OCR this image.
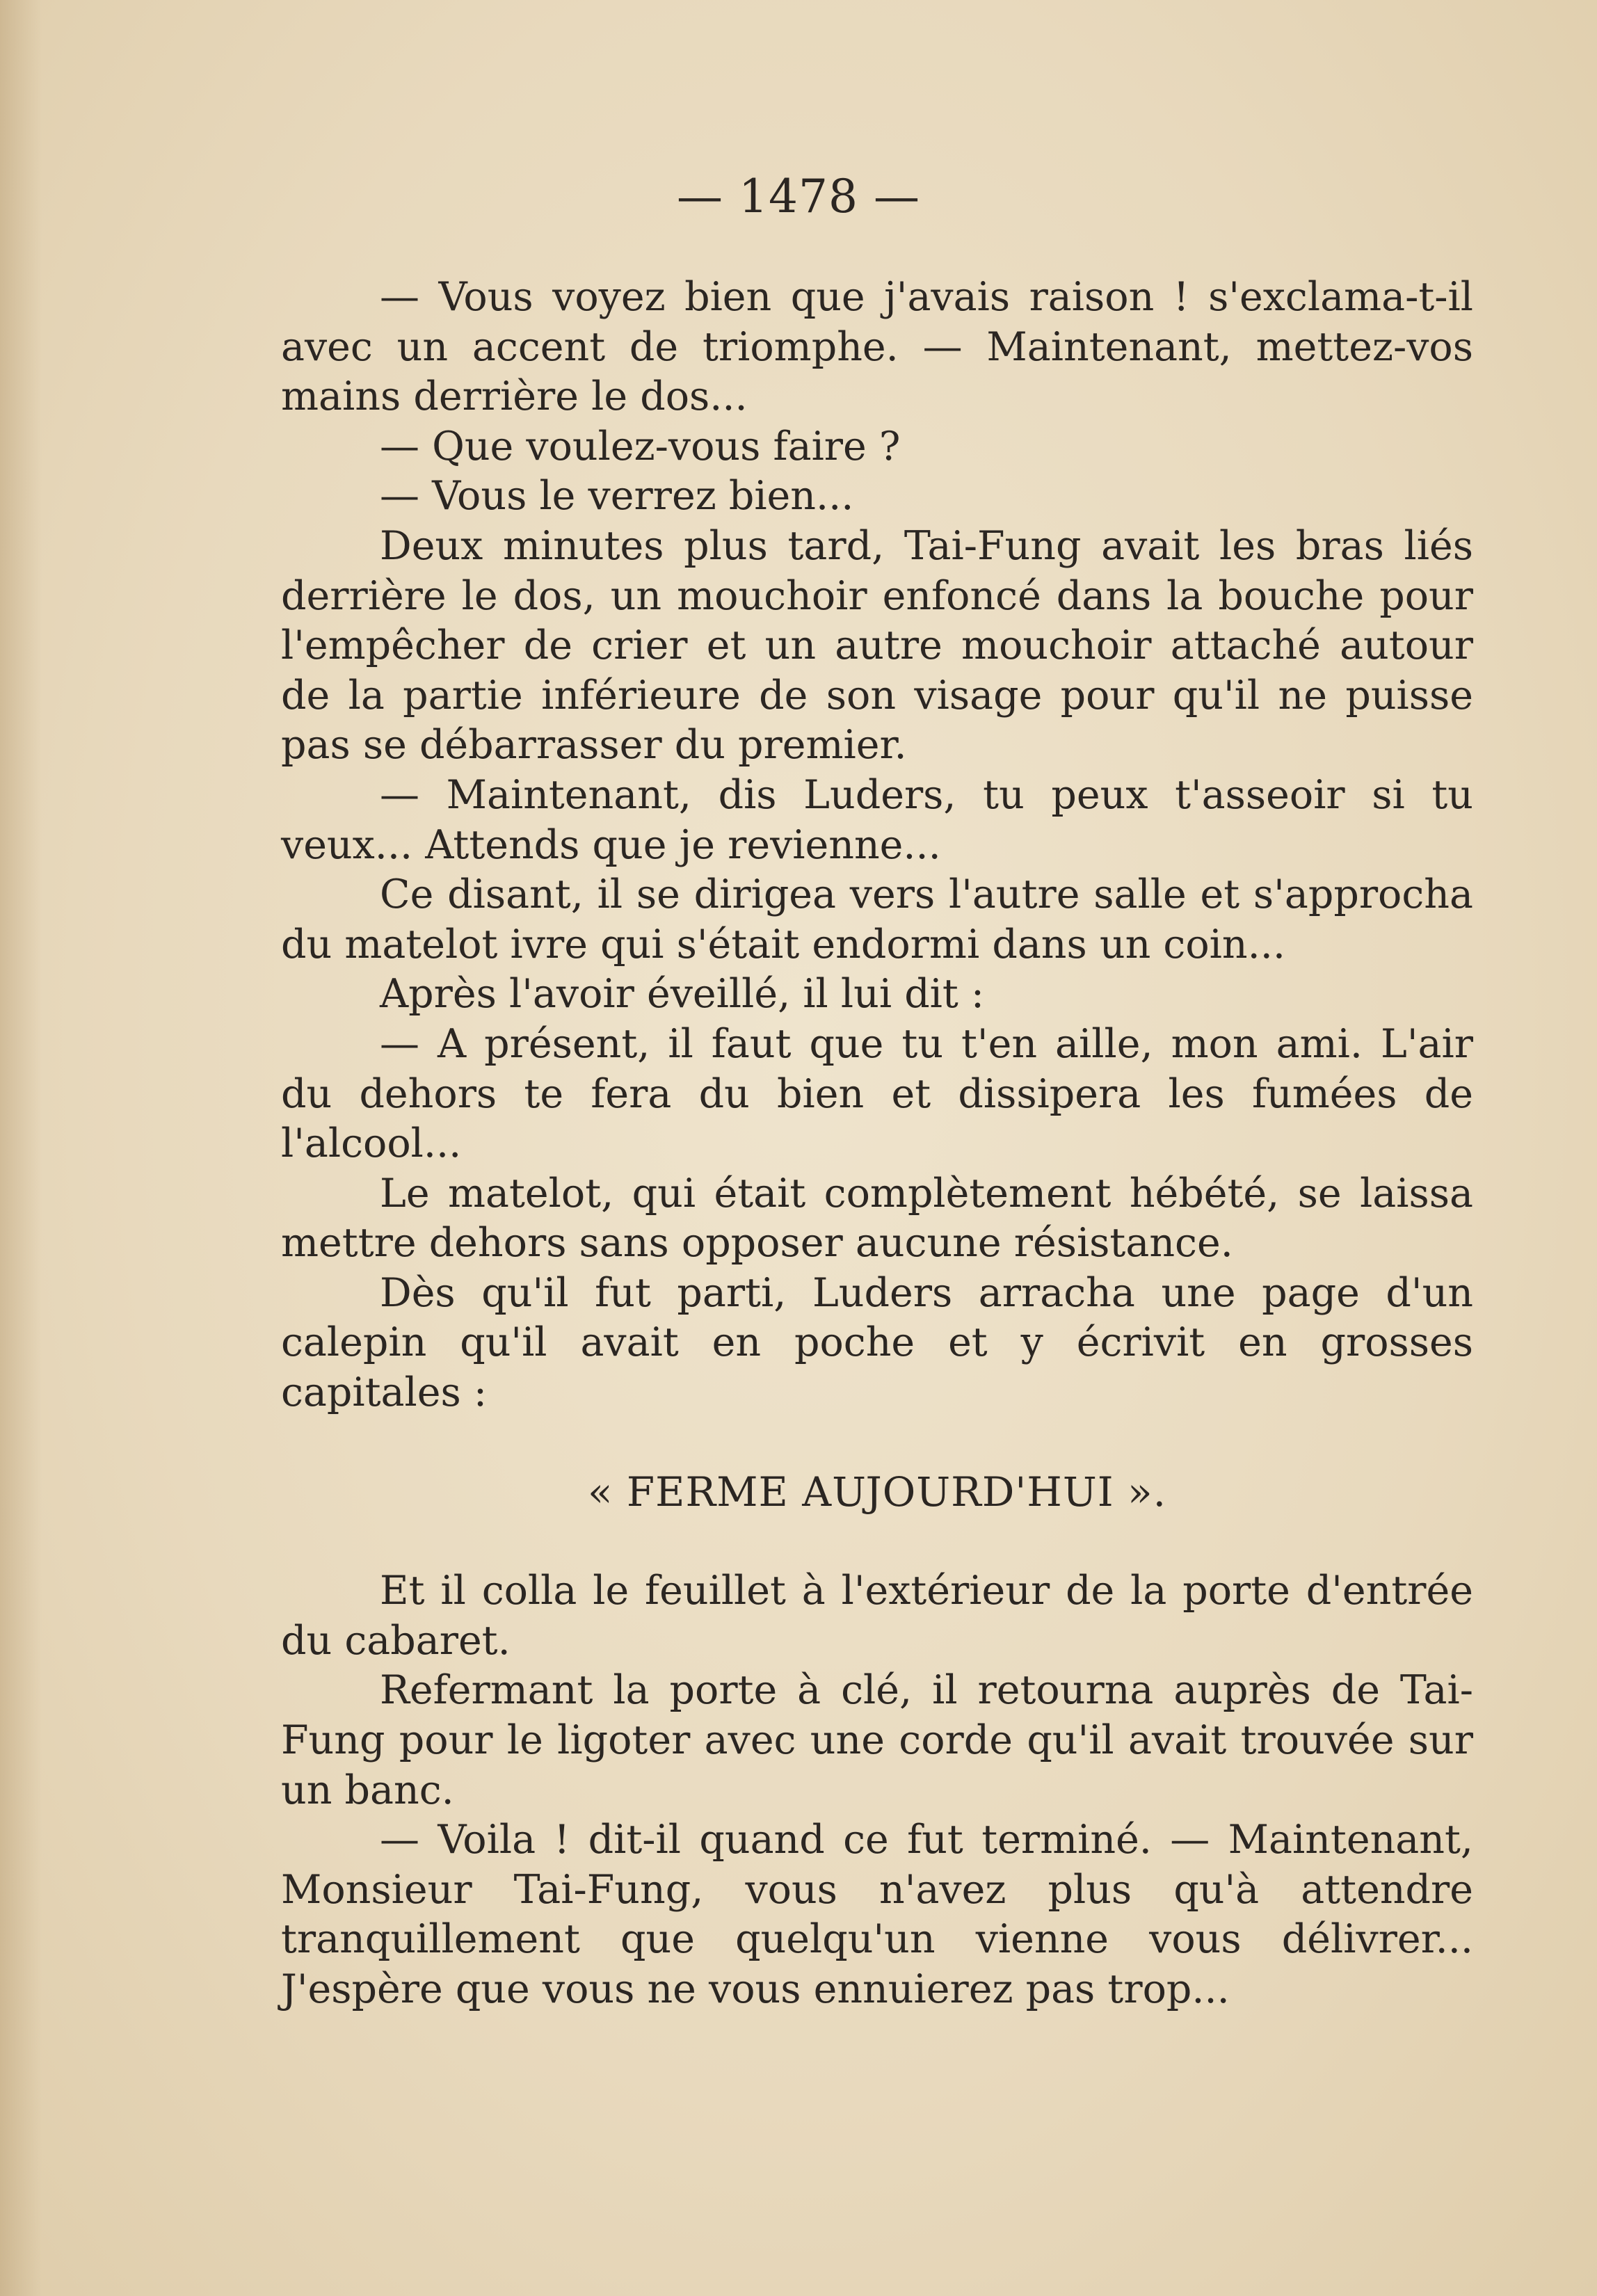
— 1478 —

— Vous voyez bien que j'avais raison ! s'exclama-t-il avec un accent de triomphe. — Maintenant, mettez-vos mains derrière le dos...

— Que voulez-vous faire ?

— Vous le verrez bien...

Deux minutes plus tard, Tai-Fung avait les bras liés derrière le dos, un mouchoir enfoncé dans la bouche pour l'empêcher de crier et un autre mouchoir attaché autour de la partie inférieure de son visage pour qu'il ne puisse pas se débarrasser du premier.

— Maintenant, dis Luders, tu peux t'asseoir si tu veux... Attends que je revienne...

Ce disant, il se dirigea vers l'autre salle et s'approcha du matelot ivre qui s'était endormi dans un coin...

Après l'avoir éveillé, il lui dit :

— A présent, il faut que tu t'en aille, mon ami. L'air du dehors te fera du bien et dissipera les fumées de l'alcool...

Le matelot, qui était complètement hébété, se laissa mettre dehors sans opposer aucune résistance.

Dès qu'il fut parti, Luders arracha une page d'un calepin qu'il avait en poche et y écrivit en grosses capitales :

« FERME AUJOURD'HUI ».

Et il colla le feuillet à l'extérieur de la porte d'entrée du cabaret.

Refermant la porte à clé, il retourna auprès de Tai-Fung pour le ligoter avec une corde qu'il avait trouvée sur un banc.

— Voila ! dit-il quand ce fut terminé. — Maintenant, Monsieur Tai-Fung, vous n'avez plus qu'à attendre tranquillement que quelqu'un vienne vous délivrer... J'espère que vous ne vous ennuierez pas trop...
